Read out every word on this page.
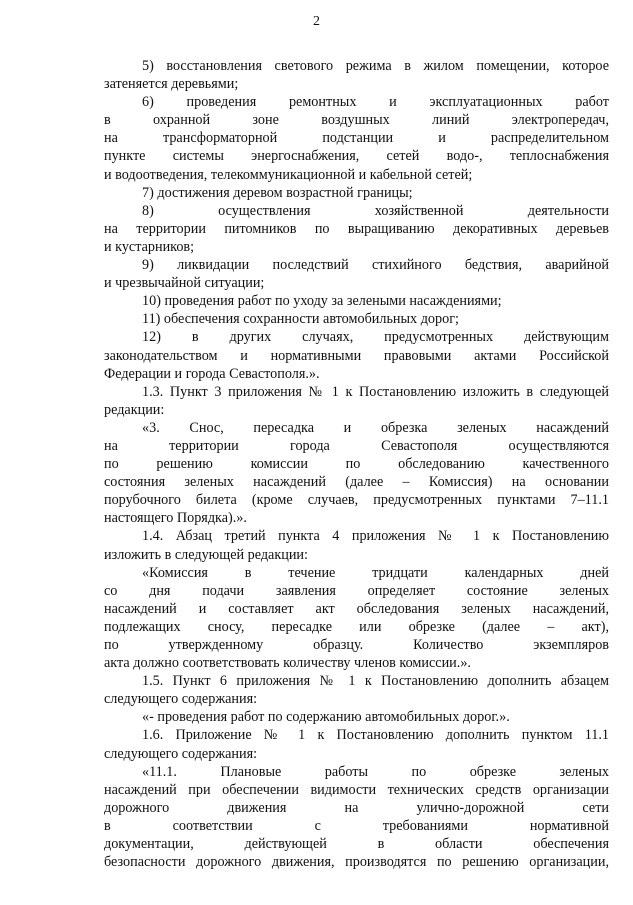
2
5) восстановления светового режима в жилом помещении, которое
затеняется деревьями;
6) проведения ремонтных и эксплуатационных работ
в охранной зоне воздушных линий электропередач,
на трансформаторной подстанции и распределительном
пункте системы энергоснабжения, сетей водо-, теплоснабжения
и водоотведения, телекоммуникационной и кабельной сетей;
7) достижения деревом возрастной границы;
8) осуществления хозяйственной деятельности
на территории питомников по выращиванию декоративных деревьев
и кустарников;
9) ликвидации последствий стихийного бедствия, аварийной
и чрезвычайной ситуации;
10) проведения работ по уходу за зелеными насаждениями;
11) обеспечения сохранности автомобильных дорог;
12) в других случаях, предусмотренных действующим
законодательством и нормативными правовыми актами Российской
Федерации и города Севастополя.».
1.3. Пункт 3 приложения № 1 к Постановлению изложить в следующей
редакции:
«3. Снос, пересадка и обрезка зеленых насаждений
на территории города Севастополя осуществляются
по решению комиссии по обследованию качественного
состояния зеленых насаждений (далее – Комиссия) на основании
порубочного билета (кроме случаев, предусмотренных пунктами 7–11.1
настоящего Порядка).».
1.4. Абзац третий пункта 4 приложения № 1 к Постановлению
изложить в следующей редакции:
«Комиссия в течение тридцати календарных дней
со дня подачи заявления определяет состояние зеленых
насаждений и составляет акт обследования зеленых насаждений,
подлежащих сносу, пересадке или обрезке (далее – акт),
по утвержденному образцу. Количество экземпляров
акта должно соответствовать количеству членов комиссии.».
1.5. Пункт 6 приложения № 1 к Постановлению дополнить абзацем
следующего содержания:
«- проведения работ по содержанию автомобильных дорог.».
1.6. Приложение № 1 к Постановлению дополнить пунктом 11.1
следующего содержания:
«11.1. Плановые работы по обрезке зеленых
насаждений при обеспечении видимости технических средств организации
дорожного движения на улично-дорожной сети
в соответствии с требованиями нормативной
документации, действующей в области обеспечения
безопасности дорожного движения, производятся по решению организации,
